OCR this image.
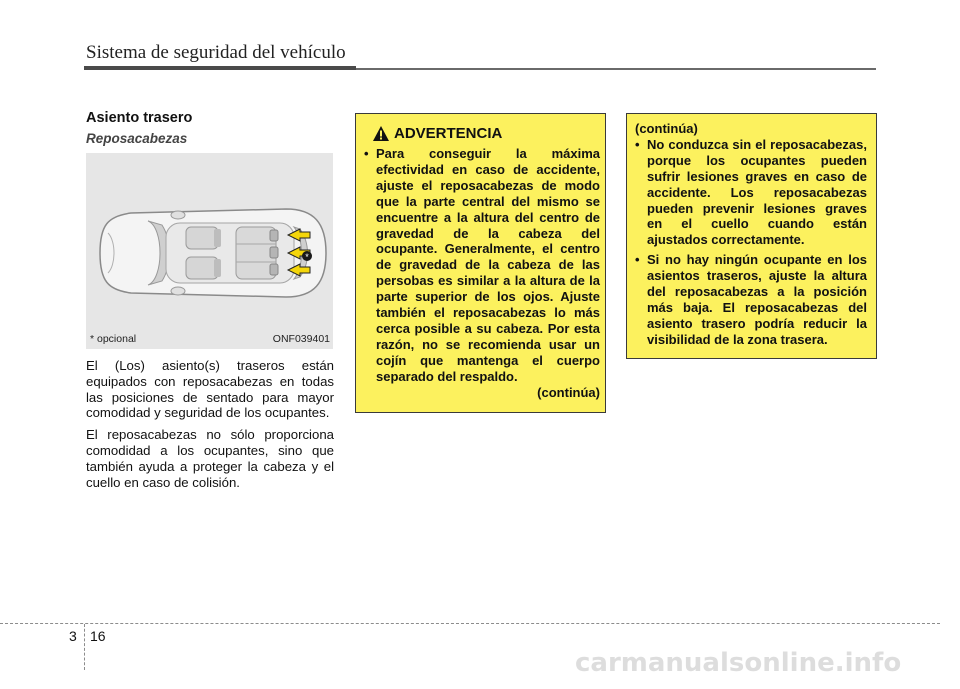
Sistema de seguridad del vehículo
Asiento trasero
Reposacabezas
*
* opcional	ONF039401

El (Los) asiento(s) traseros están equipados con reposacabezas en todas las posiciones de sentado para mayor comodidad y seguridad de los ocupantes.

El reposacabezas no sólo proporciona comodidad a los ocupantes, sino que también ayuda a proteger la cabeza y el cuello en caso de colisión.

ADVERTENCIA
• Para conseguir la máxima efectividad en caso de accidente, ajuste el reposacabezas de modo que la parte central del mismo se encuentre a la altura del centro de gravedad de la cabeza del ocupante. Generalmente, el centro de gravedad de la cabeza de las persobas es similar a la altura de la parte superior de los ojos. Ajuste también el reposacabezas lo más cerca posible a su cabeza. Por esta razón, no se recomienda usar un cojín que mantenga el cuerpo separado del respaldo.
(continúa)
(continúa)
• No conduzca sin el reposacabezas, porque los ocupantes pueden sufrir lesiones graves en caso de accidente. Los reposacabezas pueden prevenir lesiones graves en el cuello cuando están ajustados correctamente.
• Si no hay ningún ocupante en los asientos traseros, ajuste la altura del reposacabezas a la posición más baja. El reposacabezas del asiento trasero podría reducir la visibilidad de la zona trasera.
3 16
carmanualsonline.info
